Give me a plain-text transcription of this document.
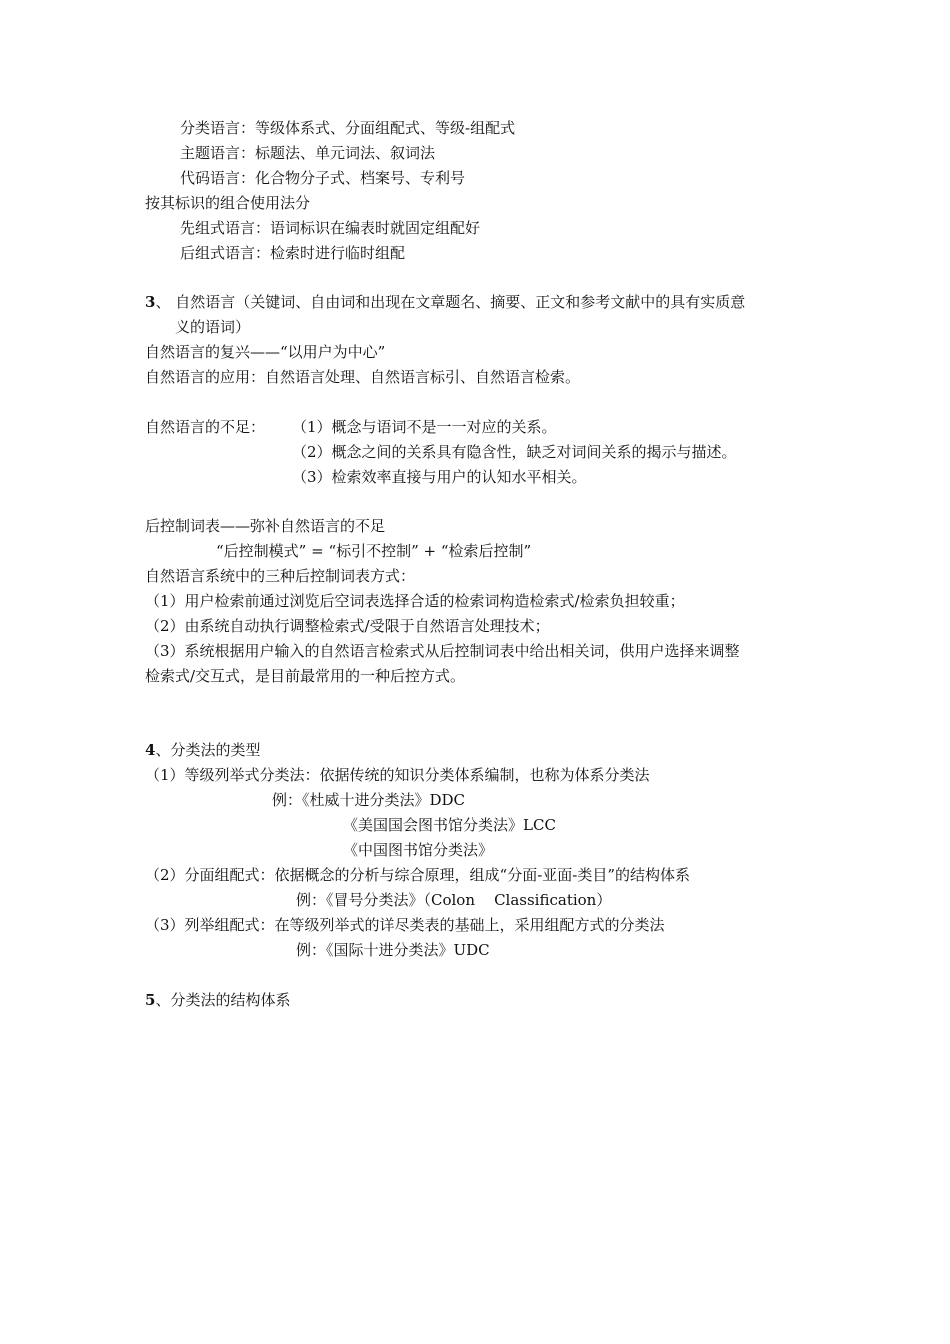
分类语言：等级体系式、分面组配式、等级-组配式
主题语言：标题法、单元词法、叙词法
代码语言：化合物分子式、档案号、专利号
按其标识的组合使用法分
先组式语言：语词标识在编表时就固定组配好
后组式语言：检索时进行临时组配
3、 自然语言（关键词、自由词和出现在文章题名、摘要、正文和参考文献中的具有实质意
义的语词）
自然语言的复兴——“以用户为中心”
自然语言的应用：自然语言处理、自然语言标引、自然语言检索。
自然语言的不足： （1）概念与语词不是一一对应的关系。
（2）概念之间的关系具有隐含性，缺乏对词间关系的揭示与描述。
（3）检索效率直接与用户的认知水平相关。
后控制词表——弥补自然语言的不足
“后控制模式” = “标引不控制” + “检索后控制”
自然语言系统中的三种后控制词表方式：
（1）用户检索前通过浏览后空词表选择合适的检索词构造检索式/检索负担较重；
（2）由系统自动执行调整检索式/受限于自然语言处理技术；
（3）系统根据用户输入的自然语言检索式从后控制词表中给出相关词，供用户选择来调整
检索式/交互式，是目前最常用的一种后控方式。
4、分类法的类型
（1）等级列举式分类法：依据传统的知识分类体系编制，也称为体系分类法
例：《杜威十进分类法》DDC
《美国国会图书馆分类法》LCC
《中国图书馆分类法》
（2）分面组配式：依据概念的分析与综合原理，组成“分面-亚面-类目”的结构体系
例：《冒号分类法》（Colon    Classification）
（3）列举组配式：在等级列举式的详尽类表的基础上，采用组配方式的分类法
例：《国际十进分类法》UDC
5、分类法的结构体系
